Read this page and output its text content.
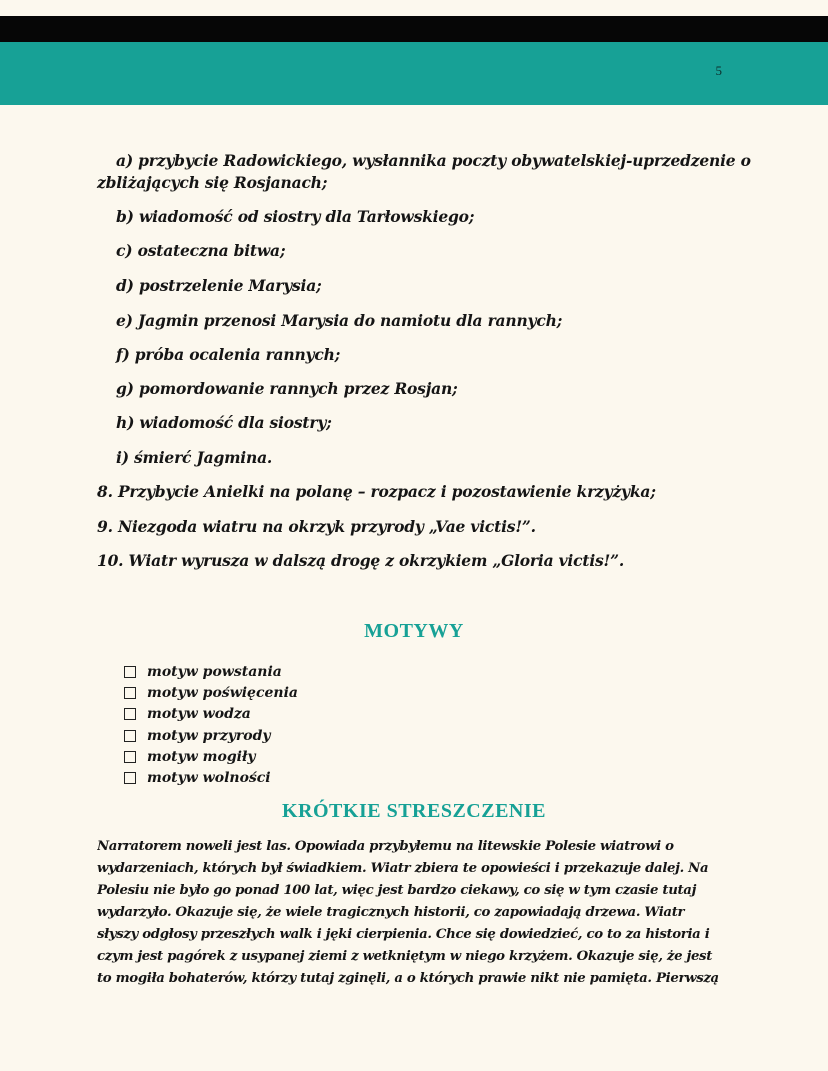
5
a) przybycie Radowickiego, wysłannika poczty obywatelskiej-uprzedzenie o
zbliżających się Rosjanach;
b) wiadomość od siostry dla Tarłowskiego;
c) ostateczna bitwa;
d) postrzelenie Marysia;
e) Jagmin przenosi Marysia do namiotu dla rannych;
f) próba ocalenia rannych;
g) pomordowanie rannych przez Rosjan;
h) wiadomość dla siostry;
i) śmierć Jagmina.
8. Przybycie Anielki na polanę – rozpacz i pozostawienie krzyżyka;
9. Niezgoda wiatru na okrzyk przyrody „Vae victis!”.
10. Wiatr wyrusza w dalszą drogę z okrzykiem „Gloria victis!”.
MOTYWY
motyw powstania
motyw poświęcenia
motyw wodza
motyw przyrody
motyw mogiły
motyw wolności
KRÓTKIE STRESZCZENIE
Narratorem noweli jest las. Opowiada przybyłemu na litewskie Polesie wiatrowi o
wydarzeniach, których był świadkiem. Wiatr zbiera te opowieści i przekazuje dalej. Na
Polesiu nie było go ponad 100 lat, więc jest bardzo ciekawy, co się w tym czasie tutaj
wydarzyło. Okazuje się, że wiele tragicznych historii, co zapowiadają drzewa. Wiatr
słyszy odgłosy przeszłych walk i jęki cierpienia. Chce się dowiedzieć, co to za historia i
czym jest pagórek z usypanej ziemi z wetkniętym w niego krzyżem. Okazuje się, że jest
to mogiła bohaterów, którzy tutaj zginęli, a o których prawie nikt nie pamięta. Pierwszą
